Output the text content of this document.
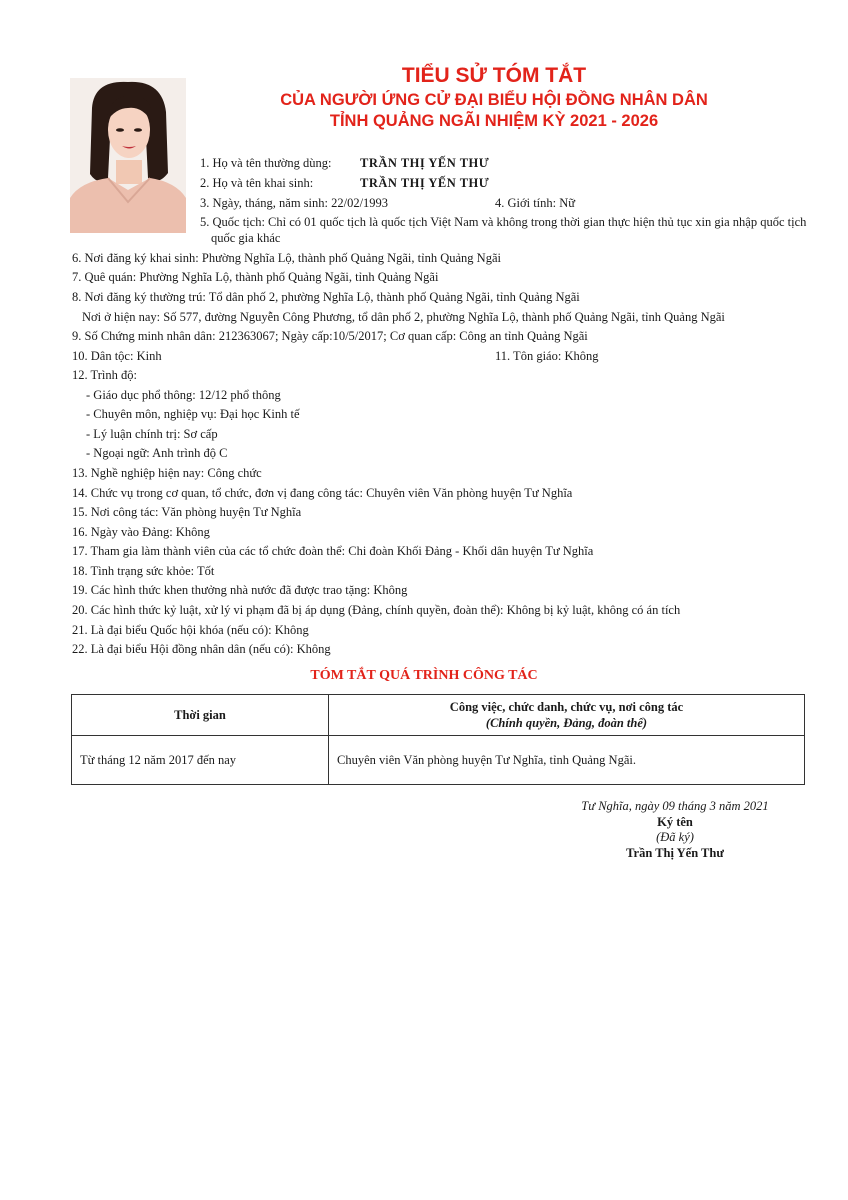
TIỂU SỬ TÓM TẮT
CỦA NGƯỜI ỨNG CỬ ĐẠI BIỂU HỘI ĐỒNG NHÂN DÂN
TỈNH QUẢNG NGÃI NHIỆM KỲ 2021 - 2026
1. Họ và tên thường dùng: TRẦN THỊ YẾN THƯ
2. Họ và tên khai sinh:	TRẦN THỊ YẾN THƯ
3. Ngày, tháng, năm sinh: 22/02/1993	4. Giới tính: Nữ
5. Quốc tịch: Chỉ có 01 quốc tịch là quốc tịch Việt Nam và không trong thời gian thực hiện thủ tục xin gia nhập quốc tịch
quốc gia khác
6. Nơi đăng ký khai sinh: Phường Nghĩa Lộ, thành phố Quảng Ngãi, tỉnh Quảng Ngãi
7. Quê quán: Phường Nghĩa Lộ, thành phố Quảng Ngãi, tỉnh Quảng Ngãi
8. Nơi đăng ký thường trú: Tổ dân phố 2, phường Nghĩa Lộ, thành phố Quảng Ngãi, tỉnh Quảng Ngãi
Nơi ở hiện nay: Số 577, đường Nguyễn Công Phương, tổ dân phố 2, phường Nghĩa Lộ, thành phố Quảng Ngãi, tỉnh Quảng Ngãi
9. Số Chứng minh nhân dân: 212363067; Ngày cấp:10/5/2017; Cơ quan cấp: Công an tỉnh Quảng Ngãi
10. Dân tộc: Kinh	11. Tôn giáo: Không
12. Trình độ:
- Giáo dục phổ thông: 12/12 phổ thông
- Chuyên môn, nghiệp vụ: Đại học Kinh tế
- Lý luận chính trị: Sơ cấp
- Ngoại ngữ: Anh trình độ C
13. Nghề nghiệp hiện nay: Công chức
14. Chức vụ trong cơ quan, tổ chức, đơn vị đang công tác: Chuyên viên Văn phòng huyện Tư Nghĩa
15. Nơi công tác: Văn phòng huyện Tư Nghĩa
16. Ngày vào Đảng: Không
17. Tham gia làm thành viên của các tổ chức đoàn thể: Chi đoàn Khối Đảng - Khối dân huyện Tư Nghĩa
18. Tình trạng sức khỏe: Tốt
19. Các hình thức khen thưởng nhà nước đã được trao tặng: Không
20. Các hình thức kỷ luật, xử lý vi phạm đã bị áp dụng (Đảng, chính quyền, đoàn thể): Không bị kỷ luật, không có án tích
21. Là đại biểu Quốc hội khóa (nếu có): Không
22. Là đại biểu Hội đồng nhân dân (nếu có): Không
TÓM TẮT QUÁ TRÌNH CÔNG TÁC
Thời gian	Công việc, chức danh, chức vụ, nơi công tác
(Chính quyền, Đảng, đoàn thể)

Từ tháng 12 năm 2017 đến nay	Chuyên viên Văn phòng huyện Tư Nghĩa, tỉnh Quảng Ngãi.
Tư Nghĩa, ngày 09 tháng 3 năm 2021
Ký tên
(Đã ký)
Trần Thị Yến Thư
